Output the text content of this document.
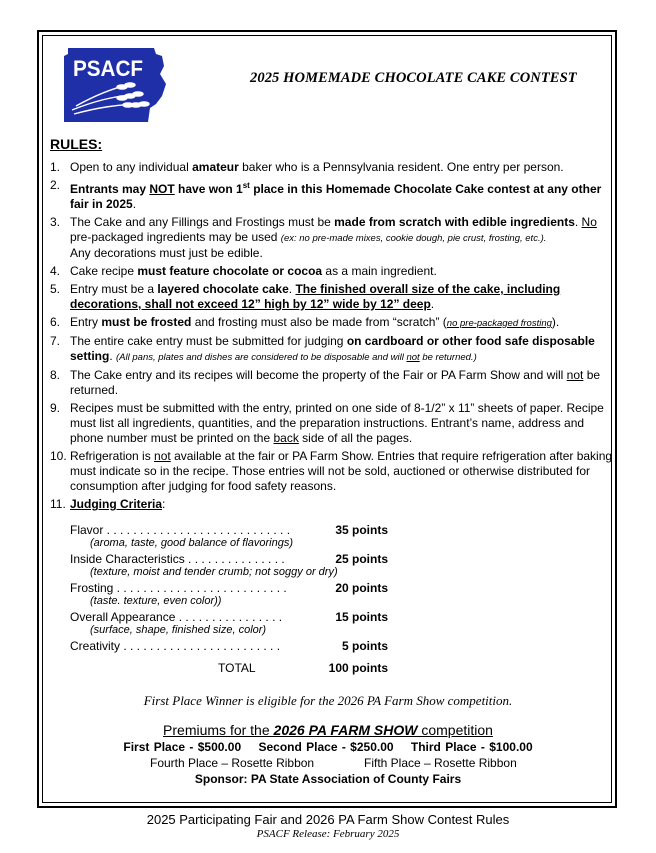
PSACF	2025 HOMEMADE CHOCOLATE CAKE CONTEST
RULES:
1. Open to any individual amateur baker who is a Pennsylvania resident. One entry per person.
2. Entrants may NOT have won 1st place in this Homemade Chocolate Cake contest at any other fair in 2025.
3. The Cake and any Fillings and Frostings must be made from scratch with edible ingredients. No pre-packaged ingredients may be used (ex: no pre-made mixes, cookie dough, pie crust, frosting, etc.).
Any decorations must just be edible.
4. Cake recipe must feature chocolate or cocoa as a main ingredient.
5. Entry must be a layered chocolate cake. The finished overall size of the cake, including decorations, shall not exceed 12” high by 12” wide by 12” deep.
6. Entry must be frosted and frosting must also be made from “scratch” (no pre-packaged frosting).
7. The entire cake entry must be submitted for judging on cardboard or other food safe disposable setting. (All pans, plates and dishes are considered to be disposable and will not be returned.)
8. The Cake entry and its recipes will become the property of the Fair or PA Farm Show and will not be returned.
9. Recipes must be submitted with the entry, printed on one side of 8-1/2” x 11” sheets of paper. Recipe must list all ingredients, quantities, and the preparation instructions. Entrant’s name, address and phone number must be printed on the back side of all the pages.
10. Refrigeration is not available at the fair or PA Farm Show. Entries that require refrigeration after baking must indicate so in the recipe. Those entries will not be sold, auctioned or otherwise distributed for consumption after judging for food safety reasons.
11. Judging Criteria:
Flavor . . . . . . . . . . . . . . . . . . . . . . . . . . . .	35 points
(aroma, taste, good balance of flavorings)
Inside Characteristics . . . . . . . . . . . . . . .	25 points
(texture, moist and tender crumb; not soggy or dry)
Frosting . . . . . . . . . . . . . . . . . . . . . . . . . .	20 points
(taste. texture, even color))
Overall Appearance . . . . . . . . . . . . . . . .	15 points
(surface, shape, finished size, color)
Creativity . . . . . . . . . . . . . . . . . . . . . . . .	5 points
TOTAL	100 points
First Place Winner is eligible for the 2026 PA Farm Show competition.
Premiums for the 2026 PA FARM SHOW competition
First Place - $500.00 Second Place - $250.00 Third Place - $100.00
Fourth Place – Rosette Ribbon	Fifth Place – Rosette Ribbon
Sponsor: PA State Association of County Fairs
2025 Participating Fair and 2026 PA Farm Show Contest Rules
PSACF Release: February 2025
